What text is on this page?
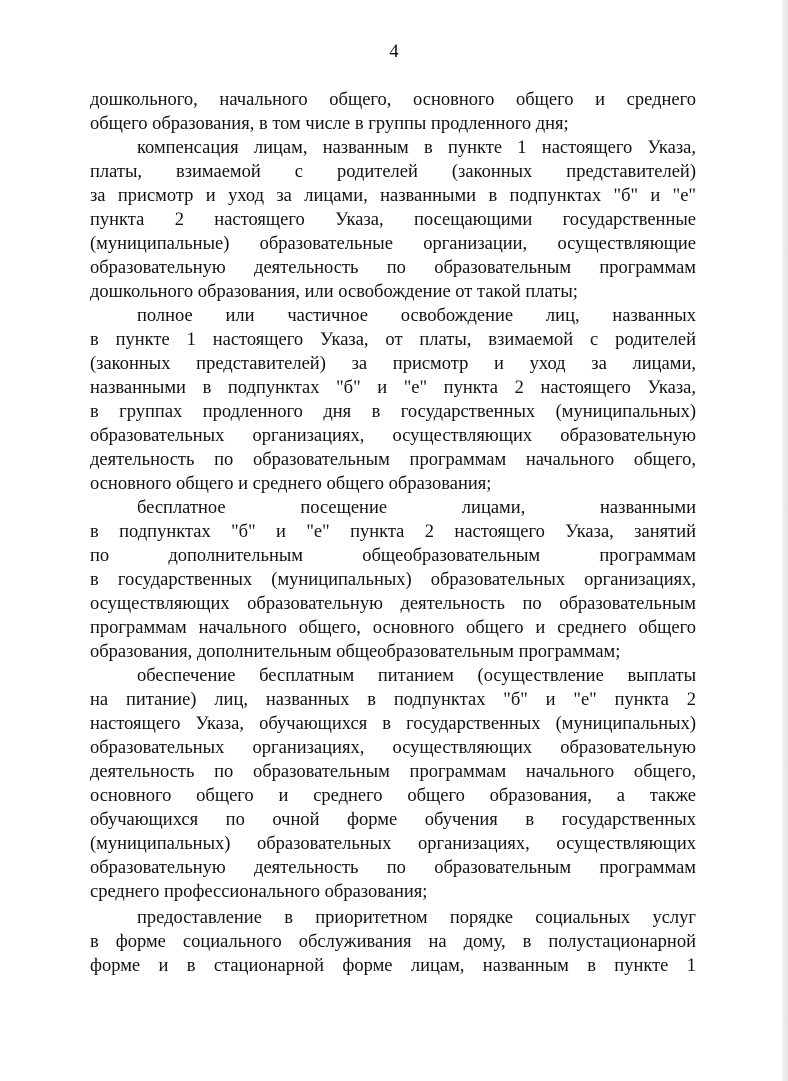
4
дошкольного, начального общего, основного общего и среднего
общего образования, в том числе в группы продленного дня;
компенсация лицам, названным в пункте 1 настоящего Указа,
платы, взимаемой с родителей (законных представителей)
за присмотр и уход за лицами, названными в подпунктах "б" и "е"
пункта 2 настоящего Указа, посещающими государственные
(муниципальные) образовательные организации, осуществляющие
образовательную деятельность по образовательным программам
дошкольного образования, или освобождение от такой платы;
полное или частичное освобождение лиц, названных
в пункте 1 настоящего Указа, от платы, взимаемой с родителей
(законных представителей) за присмотр и уход за лицами,
названными в подпунктах "б" и "е" пункта 2 настоящего Указа,
в группах продленного дня в государственных (муниципальных)
образовательных организациях, осуществляющих образовательную
деятельность по образовательным программам начального общего,
основного общего и среднего общего образования;
бесплатное посещение лицами, названными
в подпунктах "б" и "е" пункта 2 настоящего Указа, занятий
по дополнительным общеобразовательным программам
в государственных (муниципальных) образовательных организациях,
осуществляющих образовательную деятельность по образовательным
программам начального общего, основного общего и среднего общего
образования, дополнительным общеобразовательным программам;
обеспечение бесплатным питанием (осуществление выплаты
на питание) лиц, названных в подпунктах "б" и "е" пункта 2
настоящего Указа, обучающихся в государственных (муниципальных)
образовательных организациях, осуществляющих образовательную
деятельность по образовательным программам начального общего,
основного общего и среднего общего образования, а также
обучающихся по очной форме обучения в государственных
(муниципальных) образовательных организациях, осуществляющих
образовательную деятельность по образовательным программам
среднего профессионального образования;
предоставление в приоритетном порядке социальных услуг
в форме социального обслуживания на дому, в полустационарной
форме и в стационарной форме лицам, названным в пункте 1
